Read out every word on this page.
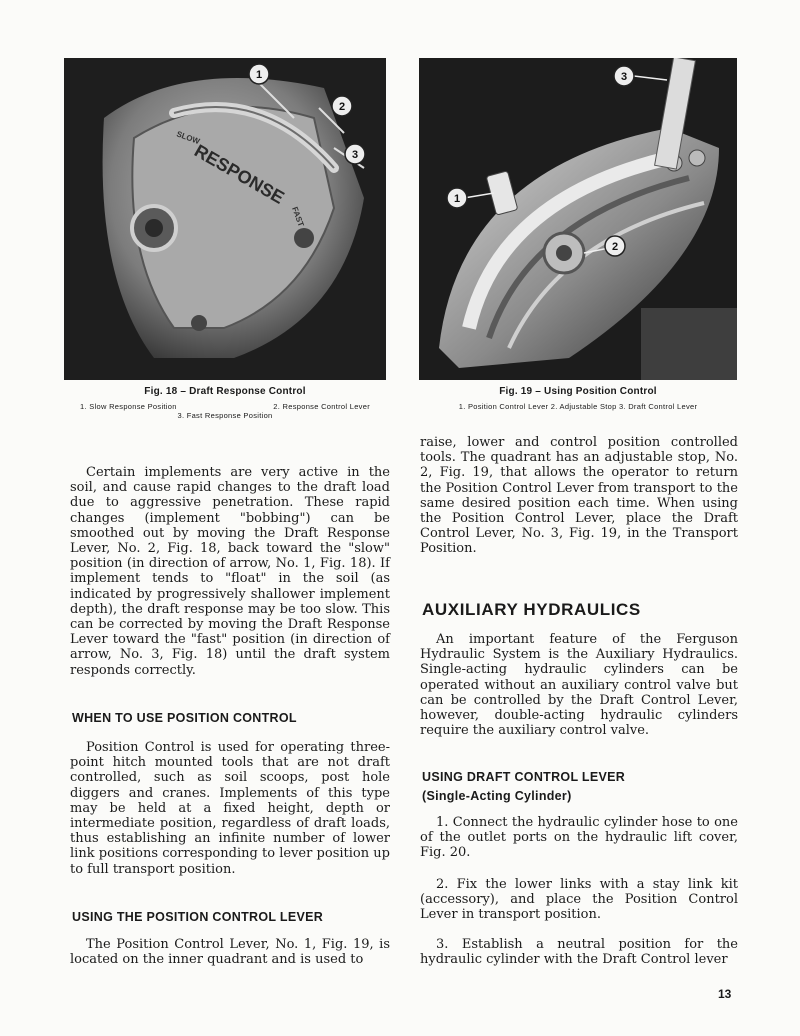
RESPONSE
SLOW
FAST
1
2
3
Fig. 18 – Draft Response Control
1. Slow Response Position	2. Response Control Lever
3. Fast Response Position
1
2
3
Fig. 19 – Using Position Control
1. Position Control Lever 2. Adjustable Stop 3. Draft Control Lever

Certain implements are very active in the soil, and cause rapid changes to the draft load due to aggressive penetration. These rapid changes (implement "bobbing") can be smoothed out by moving the Draft Response Lever, No. 2, Fig. 18, back toward the "slow" position (in direction of arrow, No. 1, Fig. 18). If implement tends to "float" in the soil (as indicated by progressively shallower implement depth), the draft response may be too slow. This can be corrected by moving the Draft Response Lever toward the "fast" position (in direction of arrow, No. 3, Fig. 18) until the draft system responds correctly.

WHEN TO USE POSITION CONTROL

Position Control is used for operating three-point hitch mounted tools that are not draft controlled, such as soil scoops, post hole diggers and cranes. Implements of this type may be held at a fixed height, depth or intermediate position, regardless of draft loads, thus establishing an infinite number of lower link positions corresponding to lever position up to full transport position.

USING THE POSITION CONTROL LEVER

The Position Control Lever, No. 1, Fig. 19, is located on the inner quadrant and is used to

raise, lower and control position controlled tools. The quadrant has an adjustable stop, No. 2, Fig. 19, that allows the operator to return the Position Control Lever from transport to the same desired position each time. When using the Position Control Lever, place the Draft Control Lever, No. 3, Fig. 19, in the Transport Position.

AUXILIARY HYDRAULICS

An important feature of the Ferguson Hydraulic System is the Auxiliary Hydraulics. Single-acting hydraulic cylinders can be operated without an auxiliary control valve but can be controlled by the Draft Control Lever, however, double-acting hydraulic cylinders require the auxiliary control valve.

USING DRAFT CONTROL LEVER
(Single-Acting Cylinder)

1. Connect the hydraulic cylinder hose to one of the outlet ports on the hydraulic lift cover, Fig. 20.

2. Fix the lower links with a stay link kit (accessory), and place the Position Control Lever in transport position.

3. Establish a neutral position for the hydraulic cylinder with the Draft Control lever

13
